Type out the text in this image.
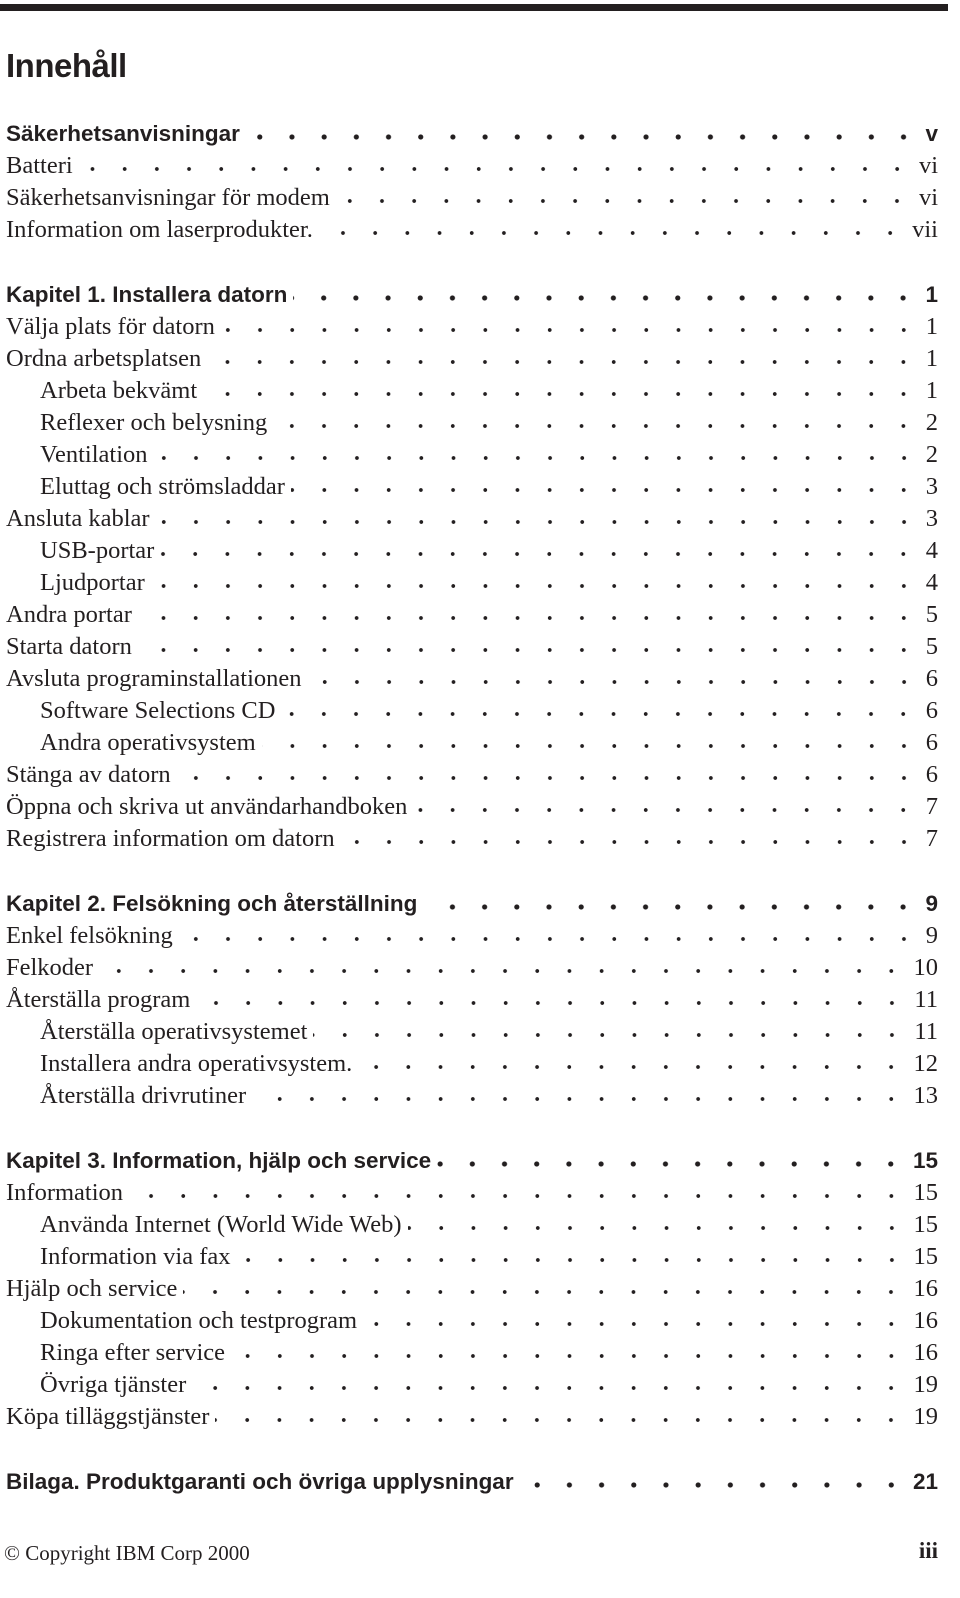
Innehåll
Säkerhetsanvisningar	v
Batteri	vi
Säkerhetsanvisningar för modem	vi
Information om laserprodukter.	vii
Kapitel 1. Installera datorn	1
Välja plats för datorn	1
Ordna arbetsplatsen	1
Arbeta bekvämt	1
Reflexer och belysning	2
Ventilation	2
Eluttag och strömsladdar	3
Ansluta kablar	3
USB-portar	4
Ljudportar	4
Andra portar	5
Starta datorn	5
Avsluta programinstallationen	6
Software Selections CD	6
Andra operativsystem	6
Stänga av datorn	6
Öppna och skriva ut användarhandboken	7
Registrera information om datorn	7
Kapitel 2. Felsökning och återställning	9
Enkel felsökning	9
Felkoder	10
Återställa program	11
Återställa operativsystemet	11
Installera andra operativsystem.	12
Återställa drivrutiner	13
Kapitel 3. Information, hjälp och service	15
Information	15
Använda Internet (World Wide Web)	15
Information via fax	15
Hjälp och service	16
Dokumentation och testprogram	16
Ringa efter service	16
Övriga tjänster	19
Köpa tilläggstjänster	19
Bilaga. Produktgaranti och övriga upplysningar	21
© Copyright IBM Corp 2000	iii
